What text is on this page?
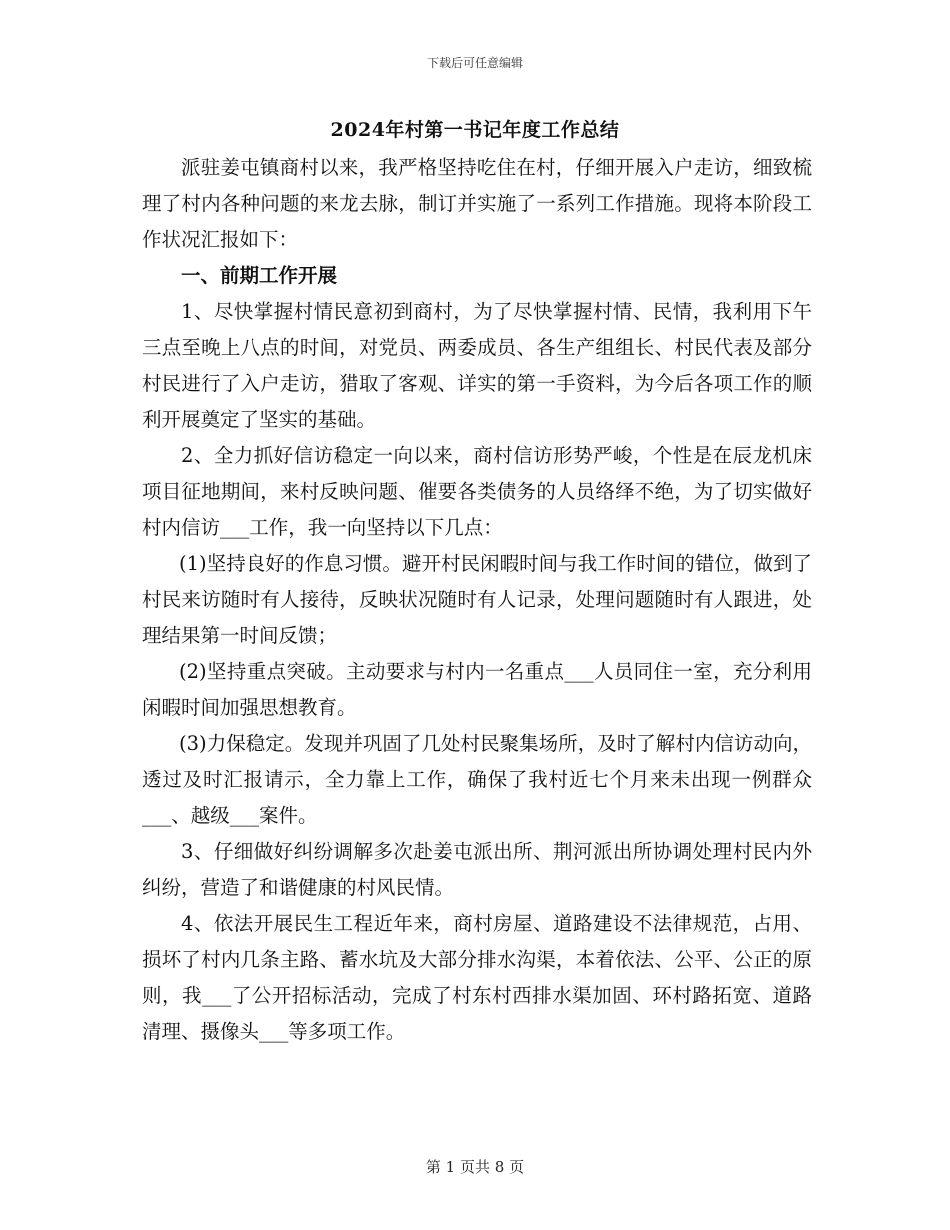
下载后可任意编辑
2024年村第一书记年度工作总结

派驻姜屯镇商村以来，我严格坚持吃住在村，仔细开展入户走访，细致梳理了村内各种问题的来龙去脉，制订并实施了一系列工作措施。现将本阶段工作状况汇报如下：

一、前期工作开展

1、尽快掌握村情民意初到商村，为了尽快掌握村情、民情，我利用下午三点至晚上八点的时间，对党员、两委成员、各生产组组长、村民代表及部分村民进行了入户走访，猎取了客观、详实的第一手资料，为今后各项工作的顺利开展奠定了坚实的基础。

2、全力抓好信访稳定一向以来，商村信访形势严峻，个性是在辰龙机床项目征地期间，来村反映问题、催要各类债务的人员络绎不绝，为了切实做好村内信访___工作，我一向坚持以下几点：

(1)坚持良好的作息习惯。避开村民闲暇时间与我工作时间的错位，做到了村民来访随时有人接待，反映状况随时有人记录，处理问题随时有人跟进，处理结果第一时间反馈；

(2)坚持重点突破。主动要求与村内一名重点___人员同住一室，充分利用闲暇时间加强思想教育。

(3)力保稳定。发现并巩固了几处村民聚集场所，及时了解村内信访动向，透过及时汇报请示，全力靠上工作，确保了我村近七个月来未出现一例群众___、越级___案件。

3、仔细做好纠纷调解多次赴姜屯派出所、荆河派出所协调处理村民内外纠纷，营造了和谐健康的村风民情。

4、依法开展民生工程近年来，商村房屋、道路建设不法律规范，占用、损坏了村内几条主路、蓄水坑及大部分排水沟渠，本着依法、公平、公正的原则，我___了公开招标活动，完成了村东村西排水渠加固、环村路拓宽、道路清理、摄像头___等多项工作。

第 1 页共 8 页
